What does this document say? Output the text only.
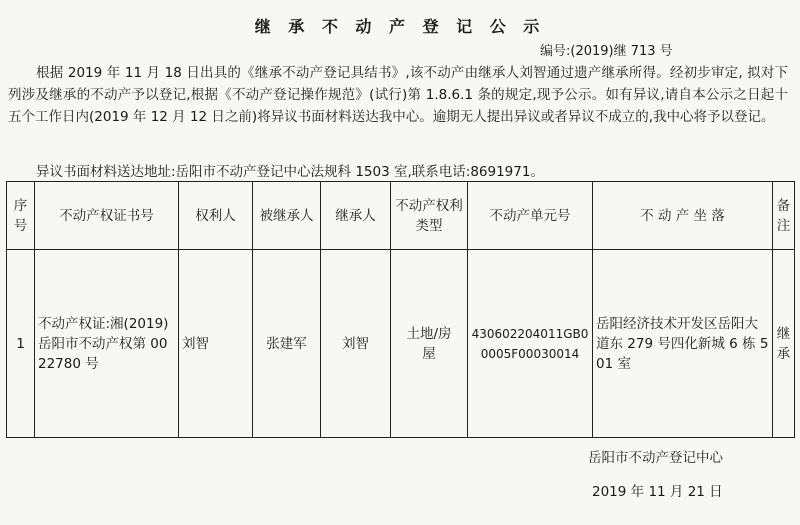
继 承 不 动 产 登 记 公 示
编号:(2019)继 713 号

根据 2019 年 11 月 18 日出具的《继承不动产登记具结书》,该不动产由继承人刘智通过遗产继承所得。经初步审定, 拟对下列涉及继承的不动产予以登记,根据《不动产登记操作规范》(试行)第 1.8.6.1 条的规定,现予公示。如有异议,请自本公示之日起十五个工作日内(2019 年 12 月 12 日之前)将异议书面材料送达我中心。逾期无人提出异议或者异议不成立的,我中心将予以登记。

异议书面材料送达地址:岳阳市不动产登记中心法规科 1503 室,联系电话:8691971。
序号	不动产权证书号	权利人	被继承人	继承人	不动产权利类型	不动产单元号	不 动 产 坐 落	备注
1	不动产权证:湘(2019)岳阳市不动产权第 0022780 号	刘智	张建军	刘智	土地/房屋	430602204011GB00005F00030014	岳阳经济技术开发区岳阳大道东 279 号四化新城 6 栋 501 室	继承
岳阳市不动产登记中心
2019 年 11 月 21 日
